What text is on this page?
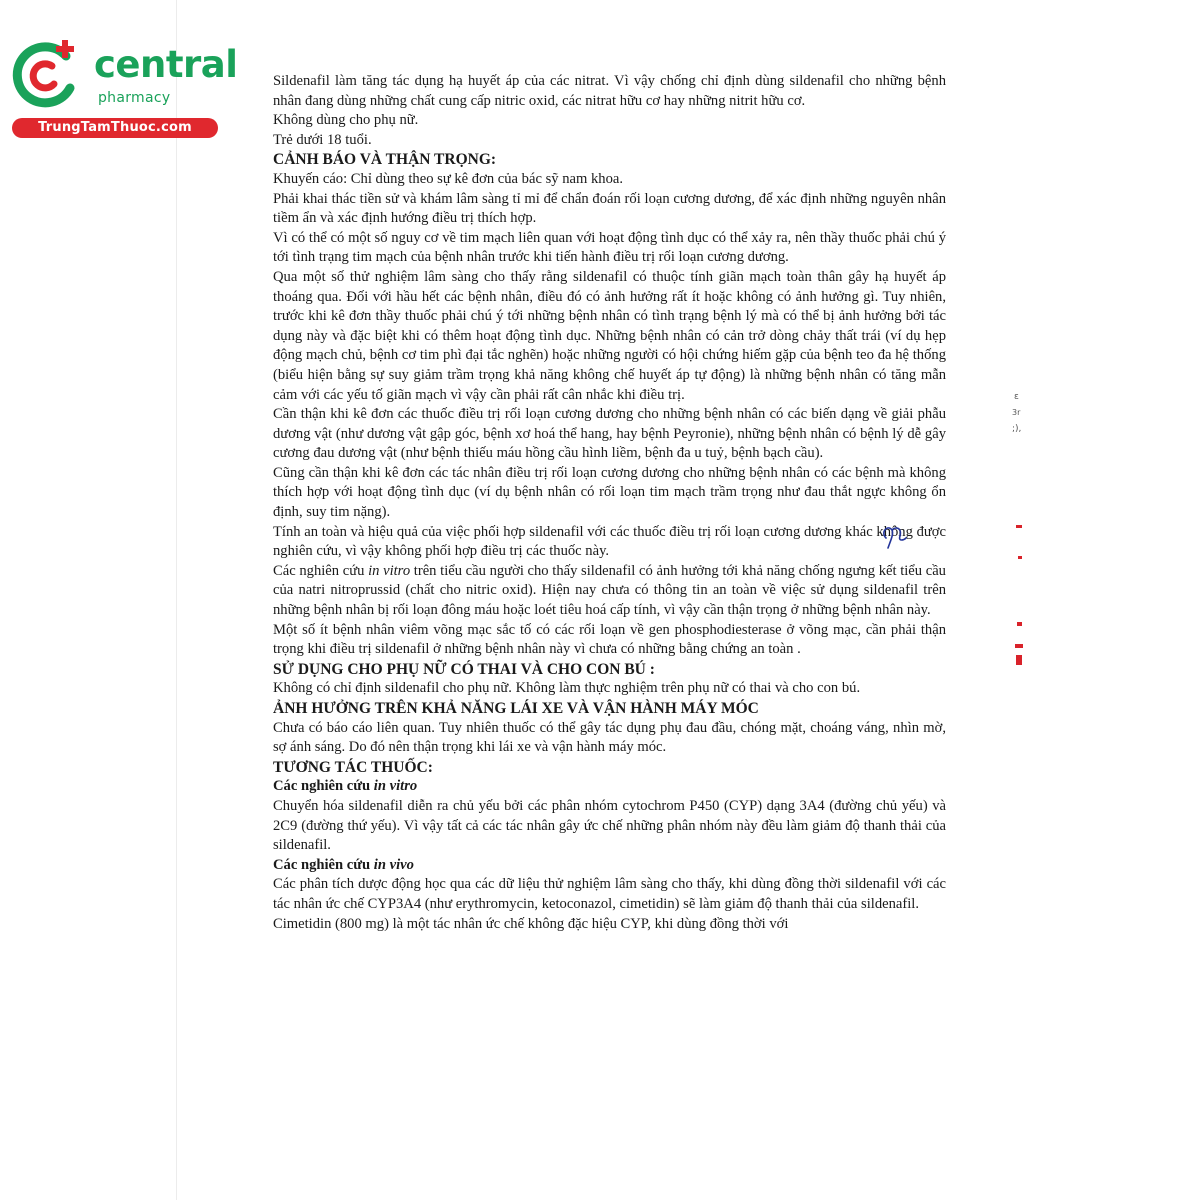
central
pharmacy
TrungTamThuoc.com

Sildenafil làm tăng tác dụng hạ huyết áp của các nitrat. Vì vậy chống chỉ định dùng sildenafil cho những bệnh nhân đang dùng những chất cung cấp nitric oxid, các nitrat hữu cơ hay những nitrit hữu cơ.

Không dùng cho phụ nữ.

Trẻ dưới 18 tuổi.

CẢNH BÁO VÀ THẬN TRỌNG:

Khuyến cáo: Chỉ dùng theo sự kê đơn của bác sỹ nam khoa.

Phải khai thác tiền sử và khám lâm sàng tỉ mỉ để chẩn đoán rối loạn cương dương, để xác định những nguyên nhân tiềm ẩn và xác định hướng điều trị thích hợp.

Vì có thể có một số nguy cơ về tim mạch liên quan với hoạt động tình dục có thể xảy ra, nên thầy thuốc phải chú ý tới tình trạng tim mạch của bệnh nhân trước khi tiến hành điều trị rối loạn cương dương.

Qua một số thử nghiệm lâm sàng cho thấy rằng sildenafil có thuộc tính giãn mạch toàn thân gây hạ huyết áp thoáng qua. Đối với hầu hết các bệnh nhân, điều đó có ảnh hưởng rất ít hoặc không có ảnh hưởng gì. Tuy nhiên, trước khi kê đơn thầy thuốc phải chú ý tới những bệnh nhân có tình trạng bệnh lý mà có thể bị ảnh hưởng bởi tác dụng này và đặc biệt khi có thêm hoạt động tình dục. Những bệnh nhân có cản trở dòng chảy thất trái (ví dụ hẹp động mạch chủ, bệnh cơ tim phì đại tắc nghẽn) hoặc những người có hội chứng hiếm gặp của bệnh teo đa hệ thống (biểu hiện bằng sự suy giảm trầm trọng khả năng không chế huyết áp tự động) là những bệnh nhân có tăng mẫn cảm với các yếu tố giãn mạch vì vậy cần phải rất cân nhắc khi điều trị.

Cần thận khi kê đơn các thuốc điều trị rối loạn cương dương cho những bệnh nhân có các biến dạng về giải phẫu dương vật (như dương vật gập góc, bệnh xơ hoá thể hang, hay bệnh Peyronie), những bệnh nhân có bệnh lý dễ gây cương đau dương vật (như bệnh thiếu máu hồng cầu hình liềm, bệnh đa u tuỷ, bệnh bạch cầu).

Cũng cần thận khi kê đơn các tác nhân điều trị rối loạn cương dương cho những bệnh nhân có các bệnh mà không thích hợp với hoạt động tình dục (ví dụ bệnh nhân có rối loạn tim mạch trầm trọng như đau thắt ngực không ổn định, suy tim nặng).

Tính an toàn và hiệu quả của việc phối hợp sildenafil với các thuốc điều trị rối loạn cương dương khác không được nghiên cứu, vì vậy không phối hợp điều trị các thuốc này.

Các nghiên cứu in vitro trên tiểu cầu người cho thấy sildenafil có ảnh hưởng tới khả năng chống ngưng kết tiểu cầu của natri nitroprussid (chất cho nitric oxid). Hiện nay chưa có thông tin an toàn về việc sử dụng sildenafil trên những bệnh nhân bị rối loạn đông máu hoặc loét tiêu hoá cấp tính, vì vậy cần thận trọng ở những bệnh nhân này.

Một số ít bệnh nhân viêm võng mạc sắc tố có các rối loạn về gen phosphodiesterase ở võng mạc, cần phải thận trọng khi điều trị sildenafil ở những bệnh nhân này vì chưa có những bằng chứng an toàn .

SỬ DỤNG CHO PHỤ NỮ CÓ THAI VÀ CHO CON BÚ :

Không có chỉ định sildenafil cho phụ nữ. Không làm thực nghiệm trên phụ nữ có thai và cho con bú.

ẢNH HƯỞNG TRÊN KHẢ NĂNG LÁI XE VÀ VẬN HÀNH MÁY MÓC

Chưa có báo cáo liên quan. Tuy nhiên thuốc có thể gây tác dụng phụ đau đầu, chóng mặt, choáng váng, nhìn mờ, sợ ánh sáng. Do đó nên thận trọng khi lái xe và vận hành máy móc.

TƯƠNG TÁC THUỐC:

Các nghiên cứu in vitro

Chuyển hóa sildenafil diễn ra chủ yếu bởi các phân nhóm cytochrom P450 (CYP) dạng 3A4 (đường chủ yếu) và 2C9 (đường thứ yếu). Vì vậy tất cả các tác nhân gây ức chế những phân nhóm này đều làm giảm độ thanh thải của sildenafil.

Các nghiên cứu in vivo

Các phân tích dược động học qua các dữ liệu thử nghiệm lâm sàng cho thấy, khi dùng đồng thời sildenafil với các tác nhân ức chế CYP3A4 (như erythromycin, ketoconazol, cimetidin) sẽ làm giảm độ thanh thải của sildenafil.

Cimetidin (800 mg) là một tác nhân ức chế không đặc hiệu CYP, khi dùng đồng thời với

ε
3r
;),
